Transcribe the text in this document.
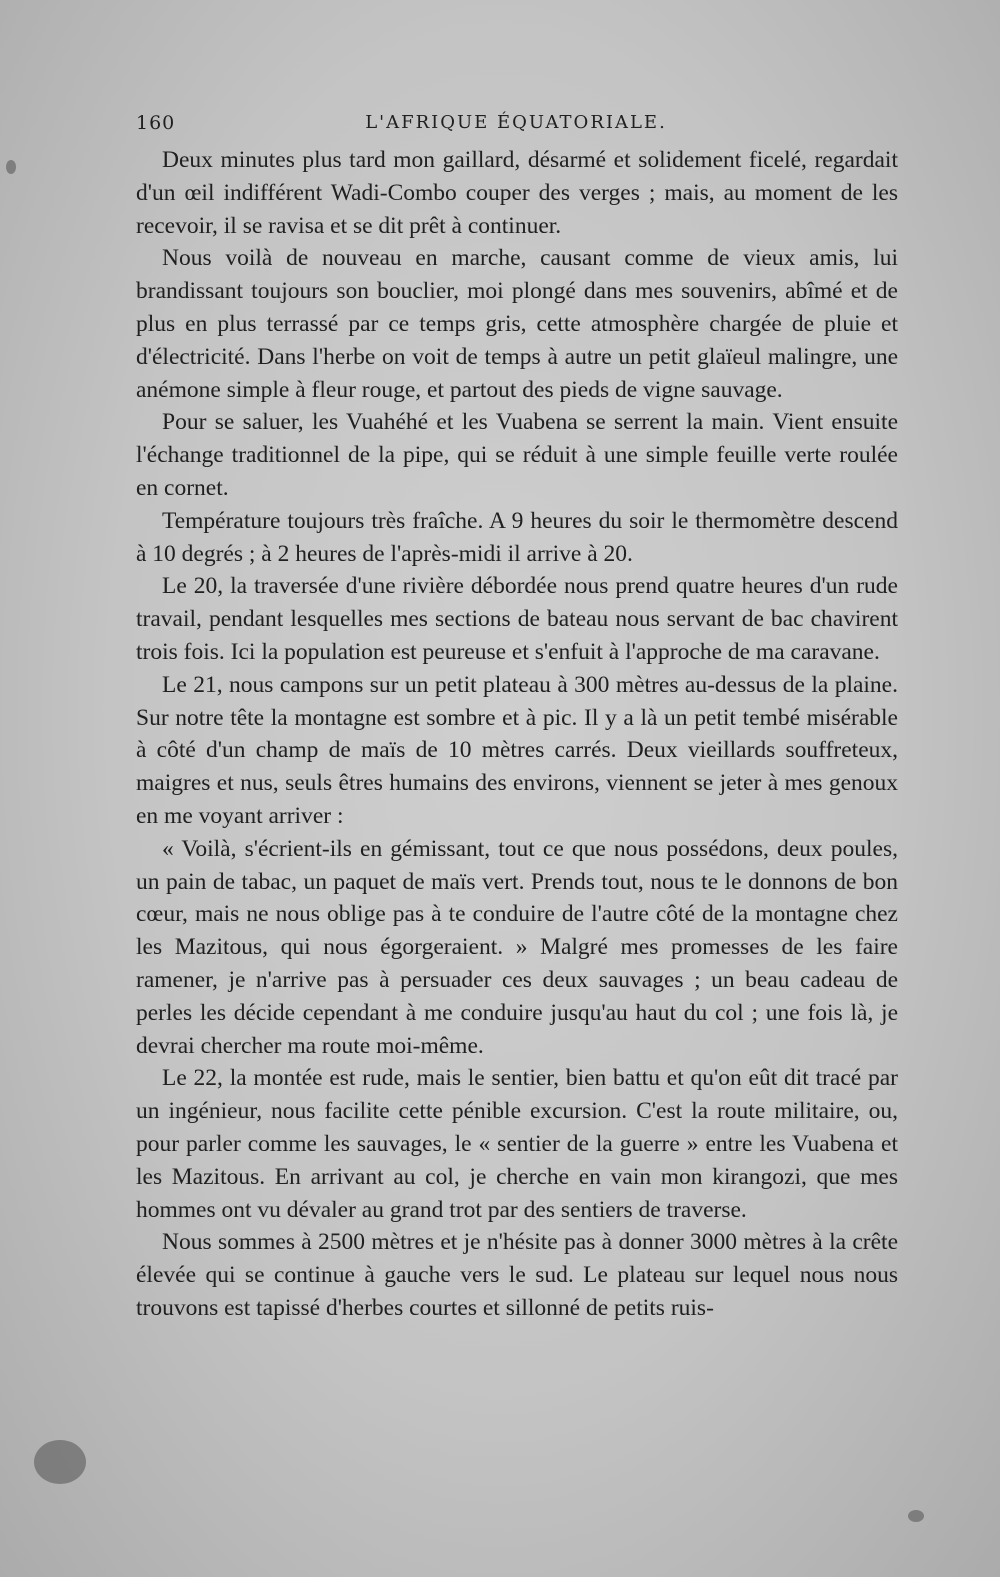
160	L'AFRIQUE ÉQUATORIALE.

Deux minutes plus tard mon gaillard, désarmé et solidement ficelé, regardait d'un œil indifférent Wadi-Combo couper des verges ; mais, au moment de les recevoir, il se ravisa et se dit prêt à continuer.

Nous voilà de nouveau en marche, causant comme de vieux amis, lui brandissant toujours son bouclier, moi plongé dans mes souvenirs, abîmé et de plus en plus terrassé par ce temps gris, cette atmosphère chargée de pluie et d'électricité. Dans l'herbe on voit de temps à autre un petit glaïeul malingre, une anémone simple à fleur rouge, et partout des pieds de vigne sauvage.

Pour se saluer, les Vuahéhé et les Vuabena se serrent la main. Vient ensuite l'échange traditionnel de la pipe, qui se réduit à une simple feuille verte roulée en cornet.

Température toujours très fraîche. A 9 heures du soir le thermomètre descend à 10 degrés ; à 2 heures de l'après-midi il arrive à 20.

Le 20, la traversée d'une rivière débordée nous prend quatre heures d'un rude travail, pendant lesquelles mes sections de bateau nous servant de bac chavirent trois fois. Ici la population est peureuse et s'enfuit à l'approche de ma caravane.

Le 21, nous campons sur un petit plateau à 300 mètres au-dessus de la plaine. Sur notre tête la montagne est sombre et à pic. Il y a là un petit tembé misérable à côté d'un champ de maïs de 10 mètres carrés. Deux vieillards souffreteux, maigres et nus, seuls êtres humains des environs, viennent se jeter à mes genoux en me voyant arriver :

« Voilà, s'écrient-ils en gémissant, tout ce que nous possédons, deux poules, un pain de tabac, un paquet de maïs vert. Prends tout, nous te le donnons de bon cœur, mais ne nous oblige pas à te conduire de l'autre côté de la montagne chez les Mazitous, qui nous égorgeraient. » Malgré mes promesses de les faire ramener, je n'arrive pas à persuader ces deux sauvages ; un beau cadeau de perles les décide cependant à me conduire jusqu'au haut du col ; une fois là, je devrai chercher ma route moi-même.

Le 22, la montée est rude, mais le sentier, bien battu et qu'on eût dit tracé par un ingénieur, nous facilite cette pénible excursion. C'est la route militaire, ou, pour parler comme les sauvages, le « sentier de la guerre » entre les Vuabena et les Mazitous. En arrivant au col, je cherche en vain mon kirangozi, que mes hommes ont vu dévaler au grand trot par des sentiers de traverse.

Nous sommes à 2500 mètres et je n'hésite pas à donner 3000 mètres à la crête élevée qui se continue à gauche vers le sud. Le plateau sur lequel nous nous trouvons est tapissé d'herbes courtes et sillonné de petits ruis-
